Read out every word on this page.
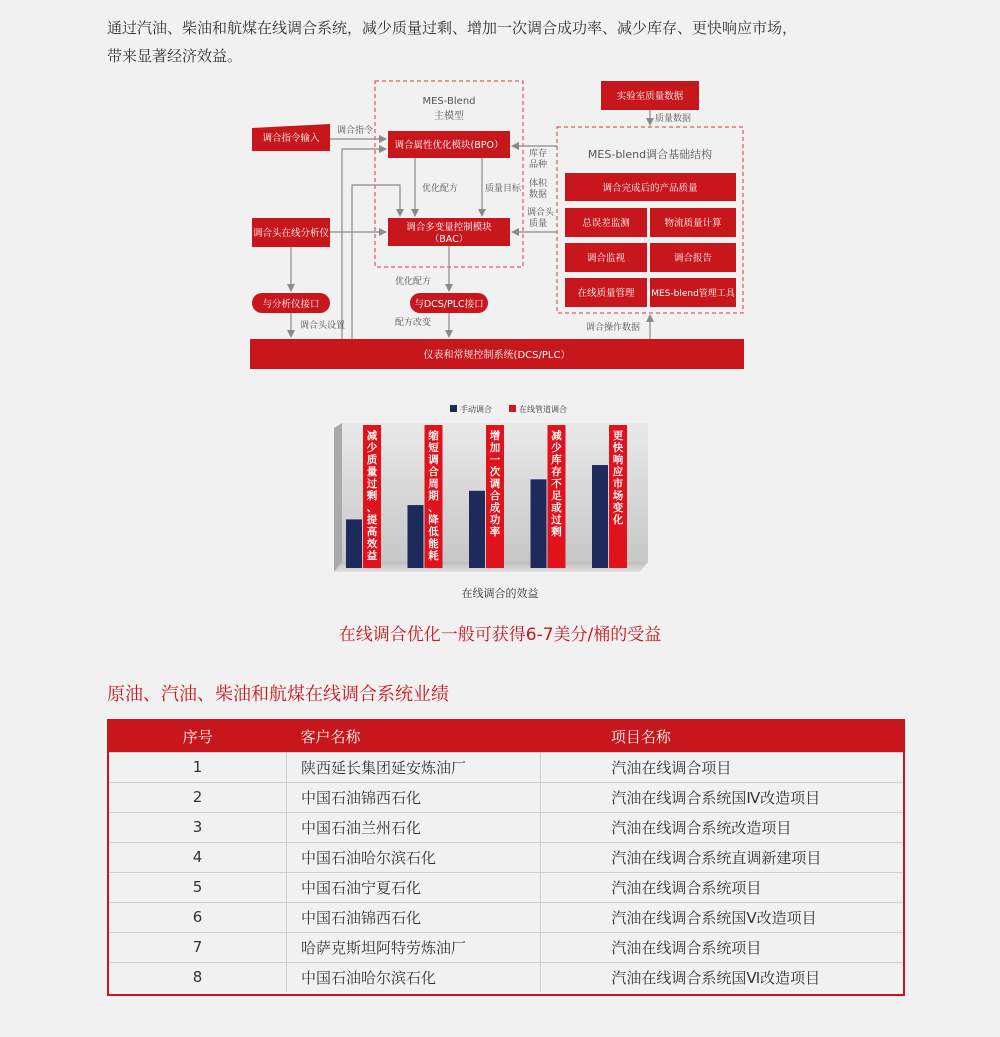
通过汽油、柴油和航煤在线调合系统，减少质量过剩、增加一次调合成功率、减少库存、更快响应市场，
带来显著经济效益。
MES-Blend
主模型
调合指令输入
调合属性优化模块(BPO）
调合多变量控制模块
（BAC）
调合头在线分析仪
与分析仪接口	与DCS/PLC接口
仪表和常规控制系统(DCS/PLC）
实验室质量数据
MES-blend调合基础结构
调合完成后的产品质量
总误差监测	物流质量计算
调合监视	调合报告
在线质量管理 MES-blend管理工具
调合指令
优化配方	质量目标
调合头设置
优化配方
配方改变
质量数据
调合操作数据
库存
品种
体积
数据
调合头
质量
减少质量过剩、提高效益
缩短调合周期、降低能耗
增加一次调合成功率
减少库存不足或过剩
更快响应市场变化
手动调合	在线管道调合
在线调合的效益
在线调合优化一般可获得6-7美分/桶的受益
原油、汽油、柴油和航煤在线调合系统业绩
序号	客户名称	项目名称
1	陕西延长集团延安炼油厂	汽油在线调合项目
2	中国石油锦西石化	汽油在线调合系统国Ⅳ改造项目
3	中国石油兰州石化	汽油在线调合系统改造项目
4	中国石油哈尔滨石化	汽油在线调合系统直调新建项目
5	中国石油宁夏石化	汽油在线调合系统项目
6	中国石油锦西石化	汽油在线调合系统国Ⅴ改造项目
7	哈萨克斯坦阿特劳炼油厂	汽油在线调合系统项目
8	中国石油哈尔滨石化	汽油在线调合系统国Ⅵ改造项目
